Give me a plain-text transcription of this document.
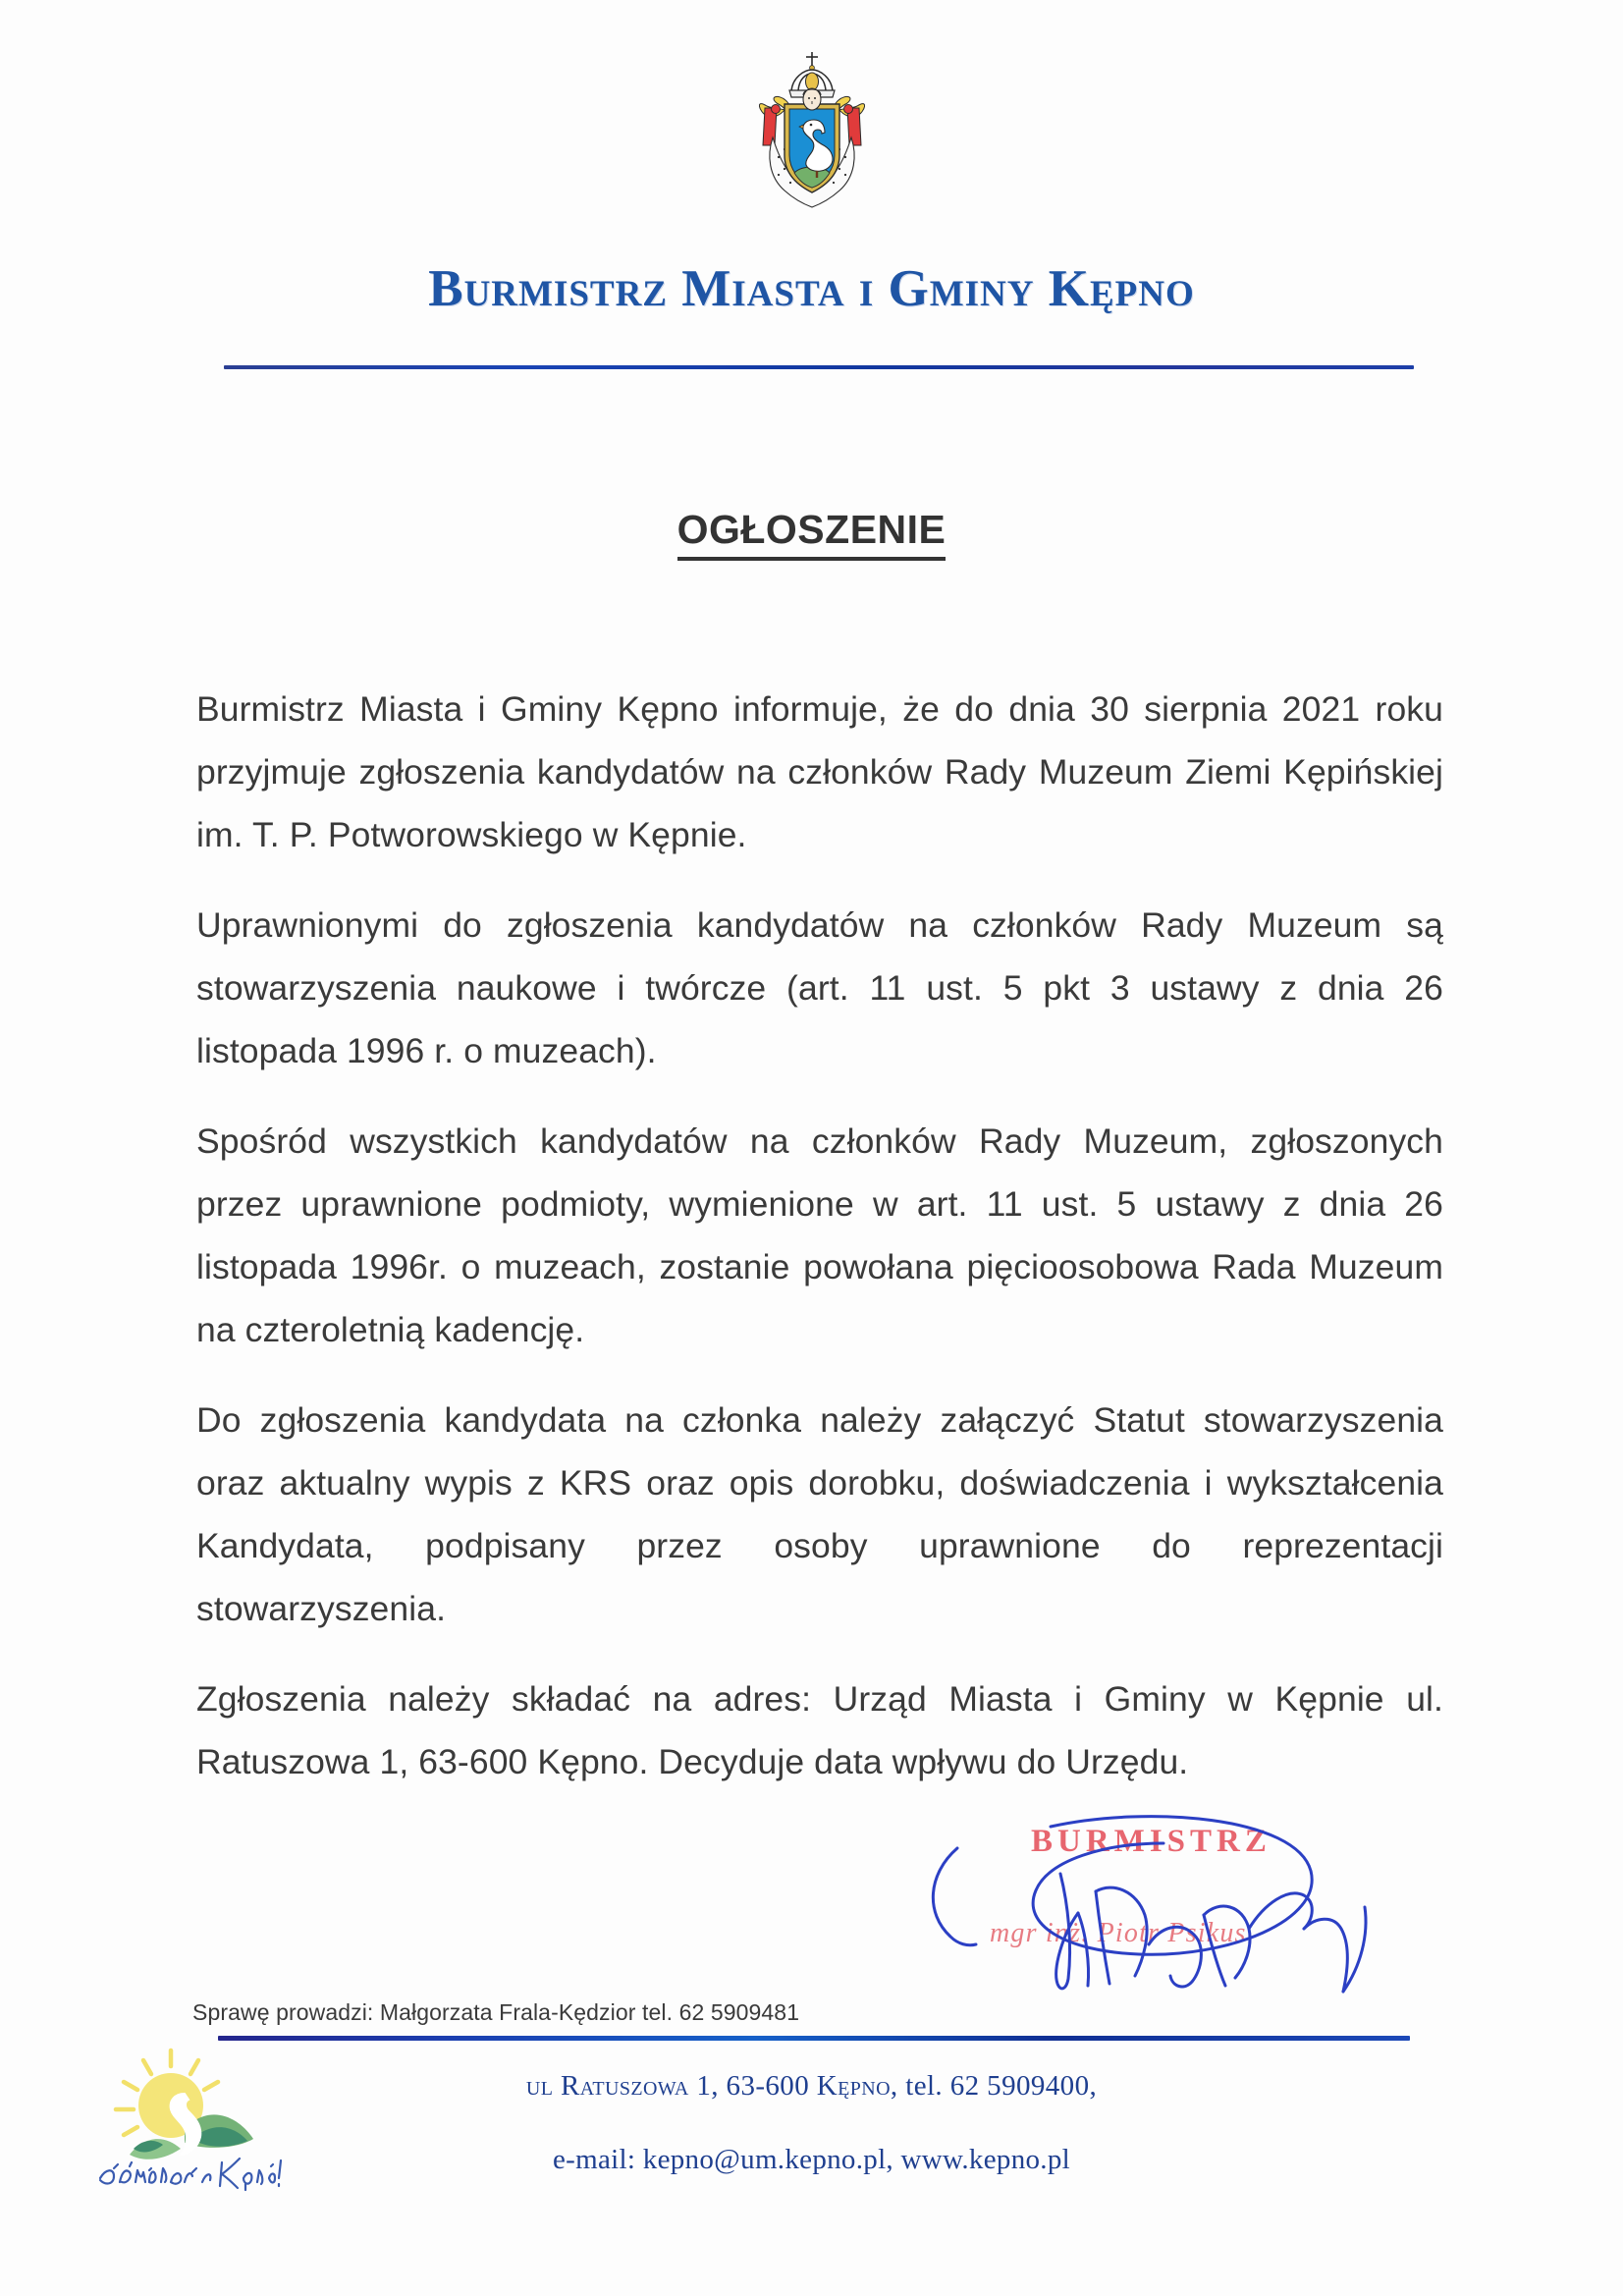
Burmistrz Miasta i Gminy Kępno
OGŁOSZENIE

Burmistrz Miasta i Gminy Kępno informuje, że do dnia 30 sierpnia 2021 roku przyjmuje zgłoszenia kandydatów na członków Rady Muzeum Ziemi Kępińskiej im. T. P. Potworowskiego w Kępnie.

Uprawnionymi do zgłoszenia kandydatów na członków Rady Muzeum są stowarzyszenia naukowe i twórcze (art. 11 ust. 5 pkt 3 ustawy z dnia 26 listopada 1996 r. o muzeach).

Spośród wszystkich kandydatów na członków Rady Muzeum, zgłoszonych przez uprawnione podmioty, wymienione w art. 11 ust. 5 ustawy z dnia 26 listopada 1996r. o muzeach, zostanie powołana pięcioosobowa Rada Muzeum na czteroletnią kadencję.

Do zgłoszenia kandydata na członka należy załączyć Statut stowarzyszenia oraz aktualny wypis z KRS oraz opis dorobku, doświadczenia i wykształcenia Kandydata, podpisany przez osoby uprawnione do reprezentacji stowarzyszenia.

Zgłoszenia należy składać na adres: Urząd Miasta i Gminy w Kępnie ul. Ratuszowa 1, 63-600 Kępno. Decyduje data wpływu do Urzędu.

BURMISTRZ
mgr inż. Piotr Psikus
Sprawę prowadzi: Małgorzata Frala-Kędzior tel. 62 5909481
ul Ratuszowa 1, 63-600 Kępno, tel. 62 5909400,
e-mail: kepno@um.kepno.pl, www.kepno.pl
